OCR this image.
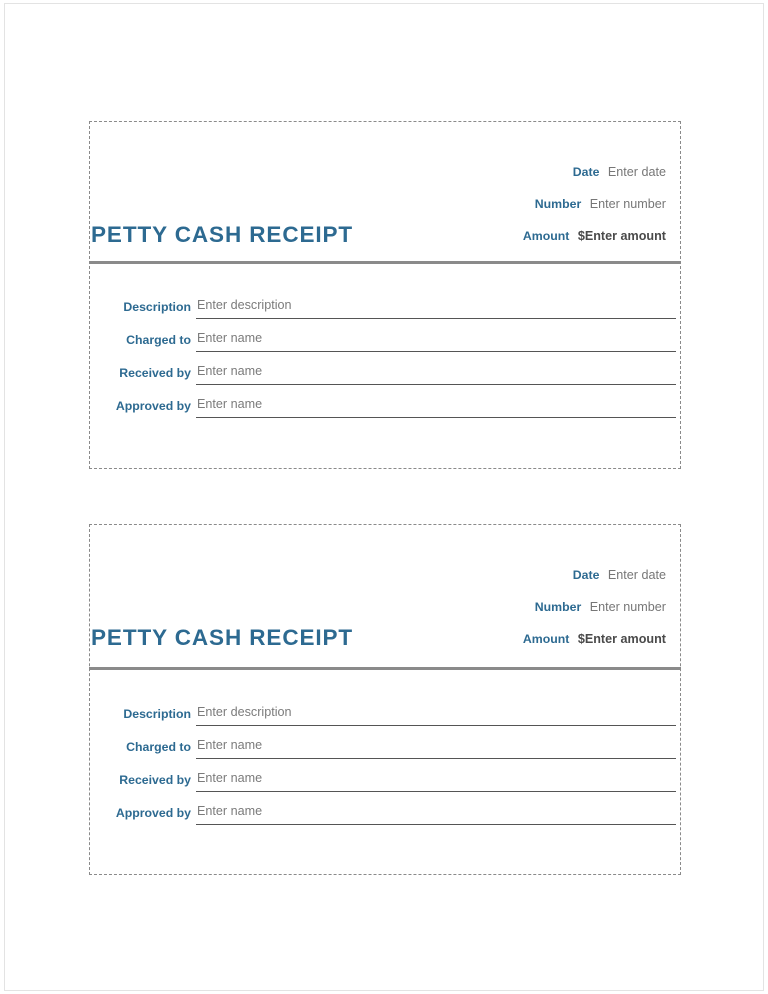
PETTY CASH RECEIPT
Date Enter date
Number Enter number
Amount $Enter amount
Description Enter description
Charged to Enter name
Received by Enter name
Approved by Enter name
PETTY CASH RECEIPT
Date Enter date
Number Enter number
Amount $Enter amount
Description Enter description
Charged to Enter name
Received by Enter name
Approved by Enter name
